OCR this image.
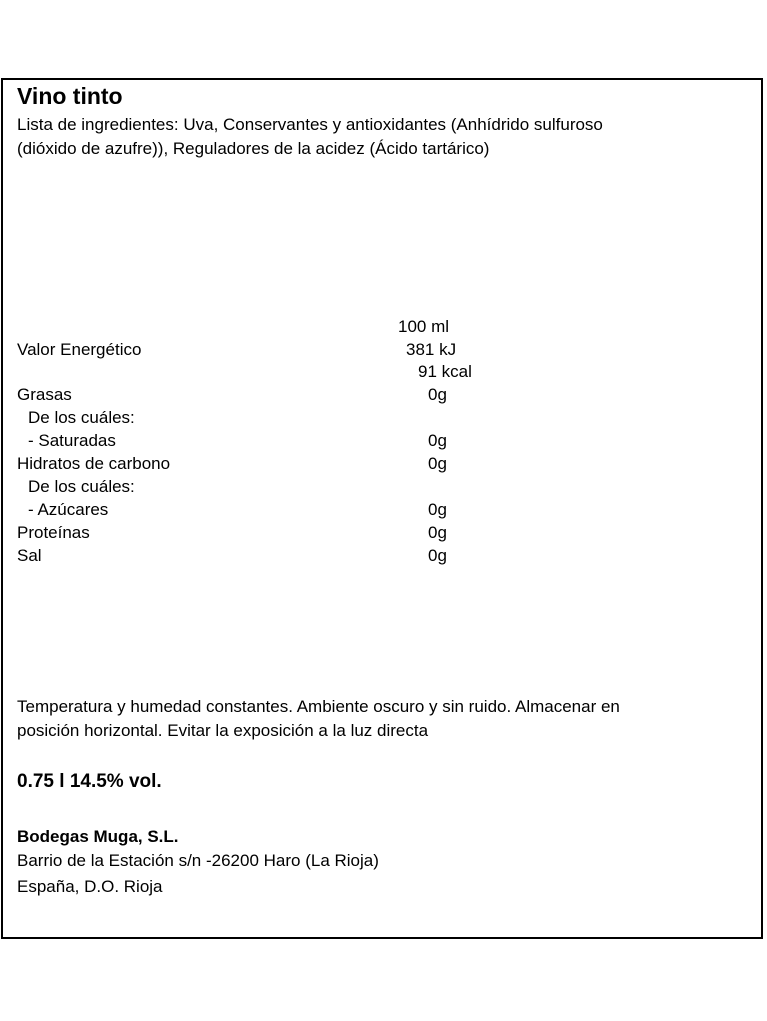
Vino tinto
Lista de ingredientes: Uva, Conservantes y antioxidantes (Anhídrido sulfuroso
(dióxido de azufre)), Reguladores de la acidez (Ácido tartárico)
100 ml
Valor Energético	381 kJ
91 kcal
Grasas	0g
De los cuáles:
- Saturadas	0g
Hidratos de carbono	0g
De los cuáles:
- Azúcares	0g
Proteínas	0g
Sal	0g
Temperatura y humedad constantes. Ambiente oscuro y sin ruido. Almacenar en
posición horizontal. Evitar la exposición a la luz directa
0.75 l 14.5% vol.
Bodegas Muga, S.L.
Barrio de la Estación s/n -26200 Haro (La Rioja)
España, D.O. Rioja
